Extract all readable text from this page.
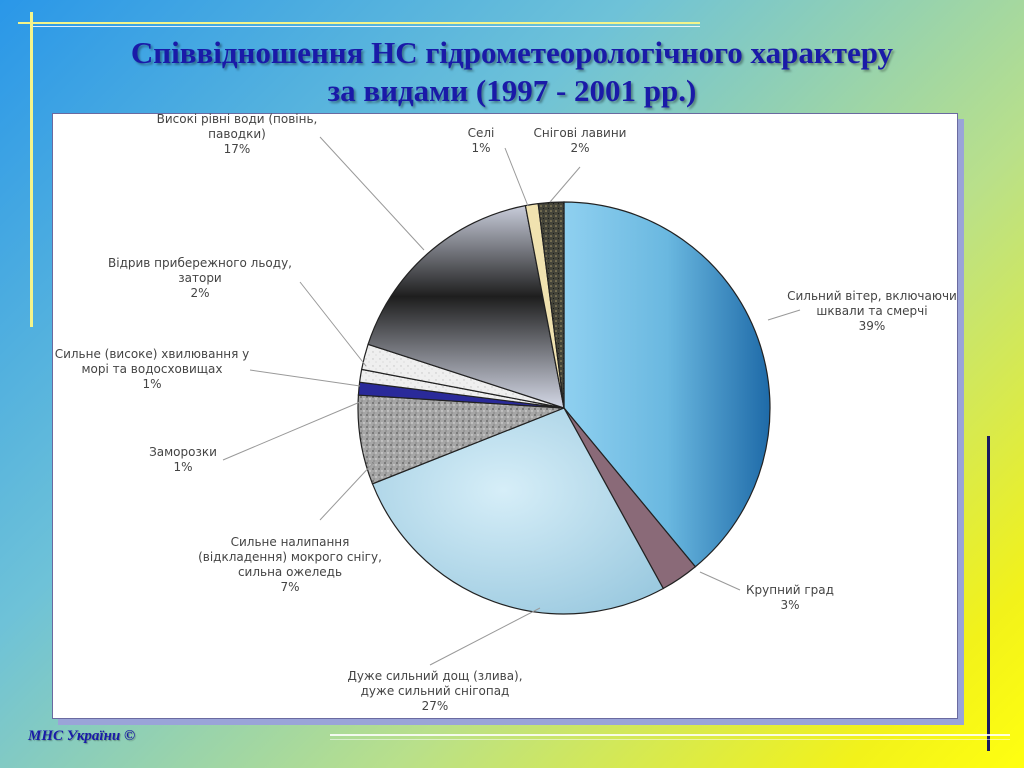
Співвідношення НС гідрометеорологічного характеру
за видами (1997 - 2001 рр.)
Сильний вітер, включаючи шквали та смерчі 39%
Крупний град 3%
Дуже сильний дощ (злива), дуже сильний снігопад 27%
Сильне налипання (відкладення) мокрого снігу, сильна ожеледь 7%
Заморозки 1%
Сильне (високе) хвилювання у морі та водосховищах 1%
Відрив прибережного льоду, затори 2%
Високі рівні води (повінь, паводки) 17%
Селі 1%
Снігові лавини 2%
МНС України ©
